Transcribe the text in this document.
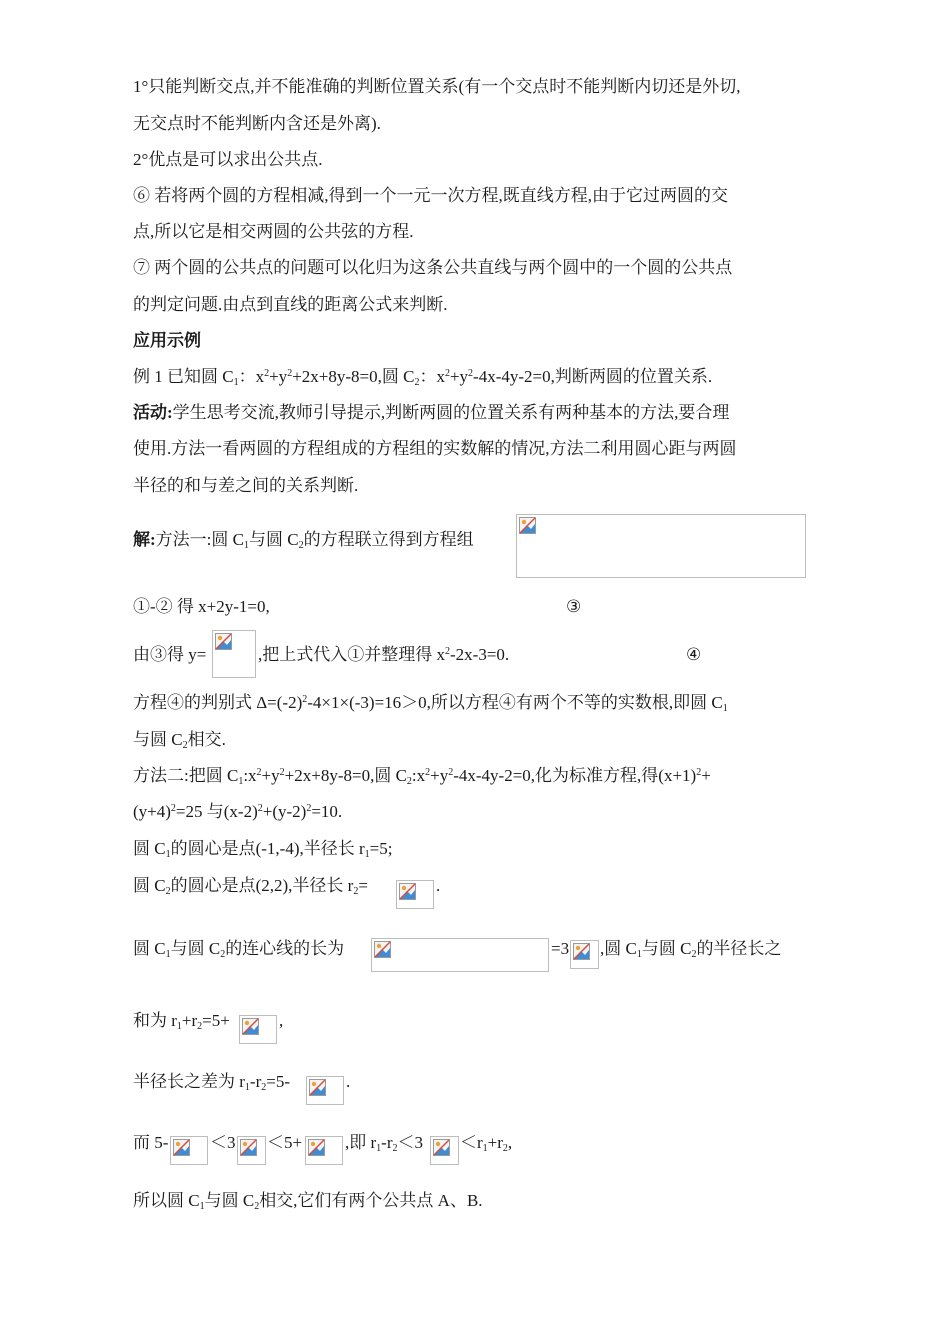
1°只能判断交点,并不能准确的判断位置关系(有一个交点时不能判断内切还是外切,
无交点时不能判断内含还是外离).
2°优点是可以求出公共点.
⑥ 若将两个圆的方程相减,得到一个一元一次方程,既直线方程,由于它过两圆的交
点,所以它是相交两圆的公共弦的方程.
⑦ 两个圆的公共点的问题可以化归为这条公共直线与两个圆中的一个圆的公共点
的判定问题.由点到直线的距离公式来判断.
应用示例
例 1 已知圆 $C_1$：$x^2+y^2+2x+8y-8=0$,圆 $C_2$：$x^2+y^2-4x-4y-2=0$,判断两圆的位置关系.
活动:学生思考交流,教师引导提示,判断两圆的位置关系有两种基本的方法,要合理
使用.方法一看两圆的方程组成的方程组的实数解的情况,方法二利用圆心距与两圆
半径的和与差之间的关系判断.
解:方法一:圆 $C_1$与圆 $C_2$的方程联立得到方程组
①-② 得 x+2y-1=0,	③
由③得 y=	,把上式代入①并整理得 $x^2-2x-3=0$.	④
方程④的判别式 $\Delta=(-2)^2-4\times 1\times(-3)=16>0$,所以方程④有两个不等的实数根,即圆 $C_1$
与圆 $C_2$相交.
方法二:把圆 $C_1:x^2+y^2+2x+8y-8=0$,圆 $C_2:x^2+y^2-4x-4y-2=0$,化为标准方程,得$(x+1)^2+$
$(y+4)^2=25$ 与$(x-2)^2+(y-2)^2=10$.
圆 $C_1$的圆心是点(-1,-4),半径长 $r_1=5$;
圆 $C_2$的圆心是点(2,2),半径长 $r_2=$	.
圆 $C_1$与圆 $C_2$的连心线的长为	=3 ,圆 $C_1$与圆 $C_2$的半径长之
和为 $r_1+r_2=5+$	,
半径长之差为 $r_1-r_2=5-$	.
而 5- ＜3 ＜5+	,即 $r_1-r_2<3 <r_1+r_2$,
所以圆 $C_1$与圆 $C_2$相交,它们有两个公共点 A、B.
